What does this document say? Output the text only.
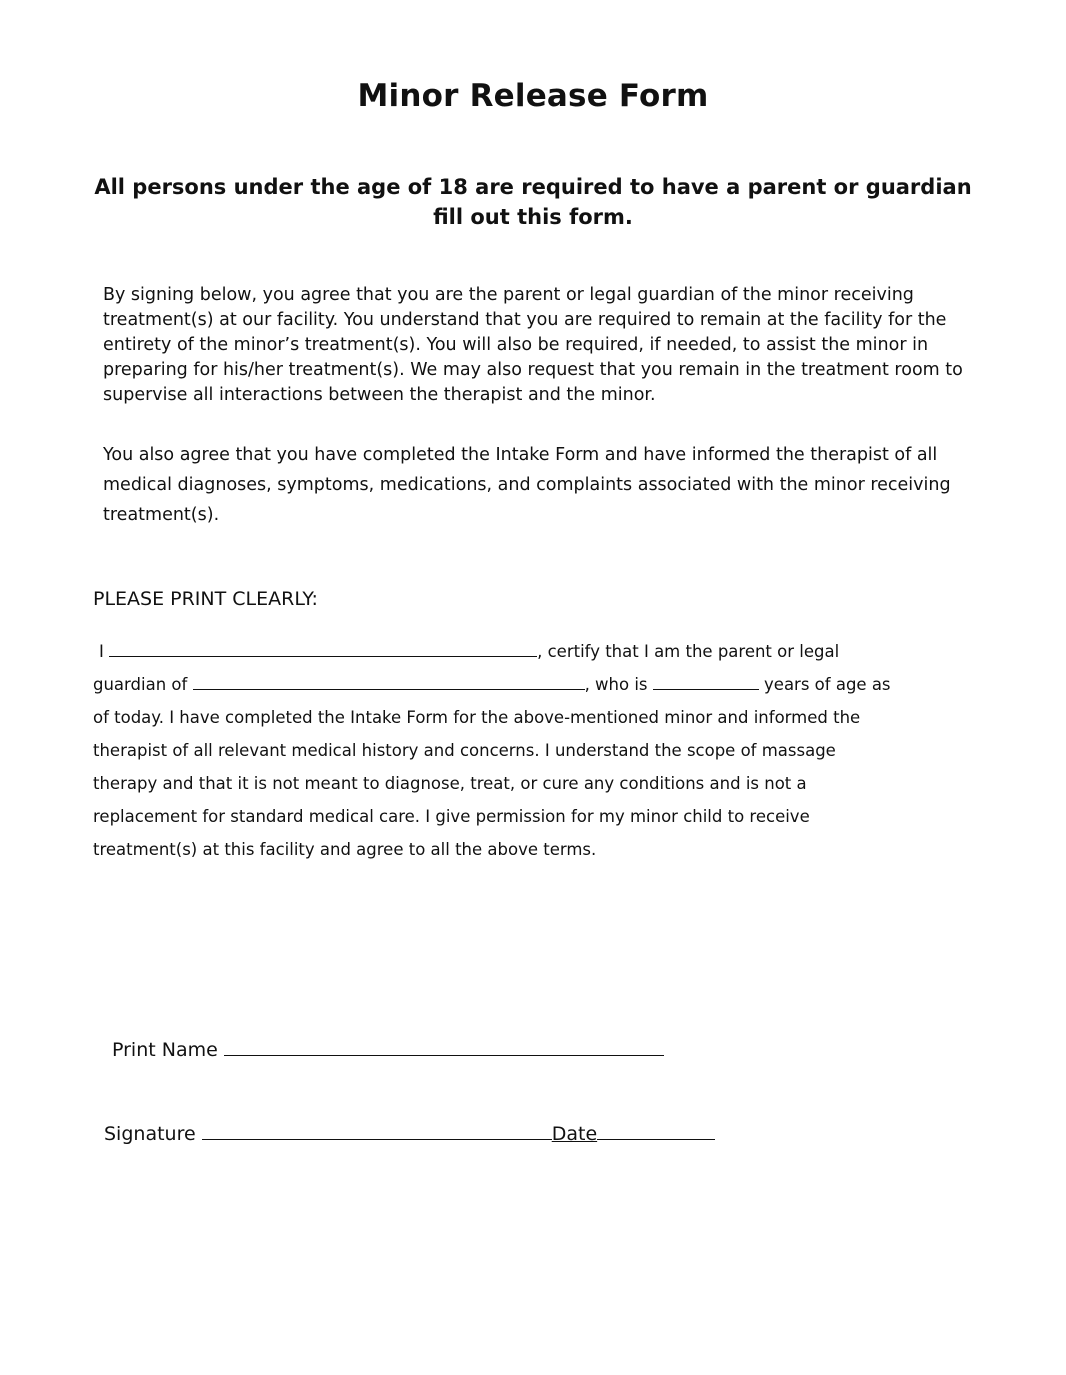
Minor Release Form
All persons under the age of 18 are required to have a parent or guardian fill out this form.

By signing below, you agree that you are the parent or legal guardian of the minor receiving treatment(s) at our facility. You understand that you are required to remain at the facility for the entirety of the minor’s treatment(s). You will also be required, if needed, to assist the minor in preparing for his/her treatment(s). We may also request that you remain in the treatment room to supervise all interactions between the therapist and the minor.

You also agree that you have completed the Intake Form and have informed the therapist of all medical diagnoses, symptoms, medications, and complaints associated with the minor receiving treatment(s).

PLEASE PRINT CLEARLY:
I	, certify that I am the parent or legal
guardian of	, who is	years of age as
of today. I have completed the Intake Form for the above-mentioned minor and informed the
therapist of all relevant medical history and concerns. I understand the scope of massage
therapy and that it is not meant to diagnose, treat, or cure any conditions and is not a
replacement for standard medical care. I give permission for my minor child to receive
treatment(s) at this facility and agree to all the above terms.
Print Name
Signature	Date
